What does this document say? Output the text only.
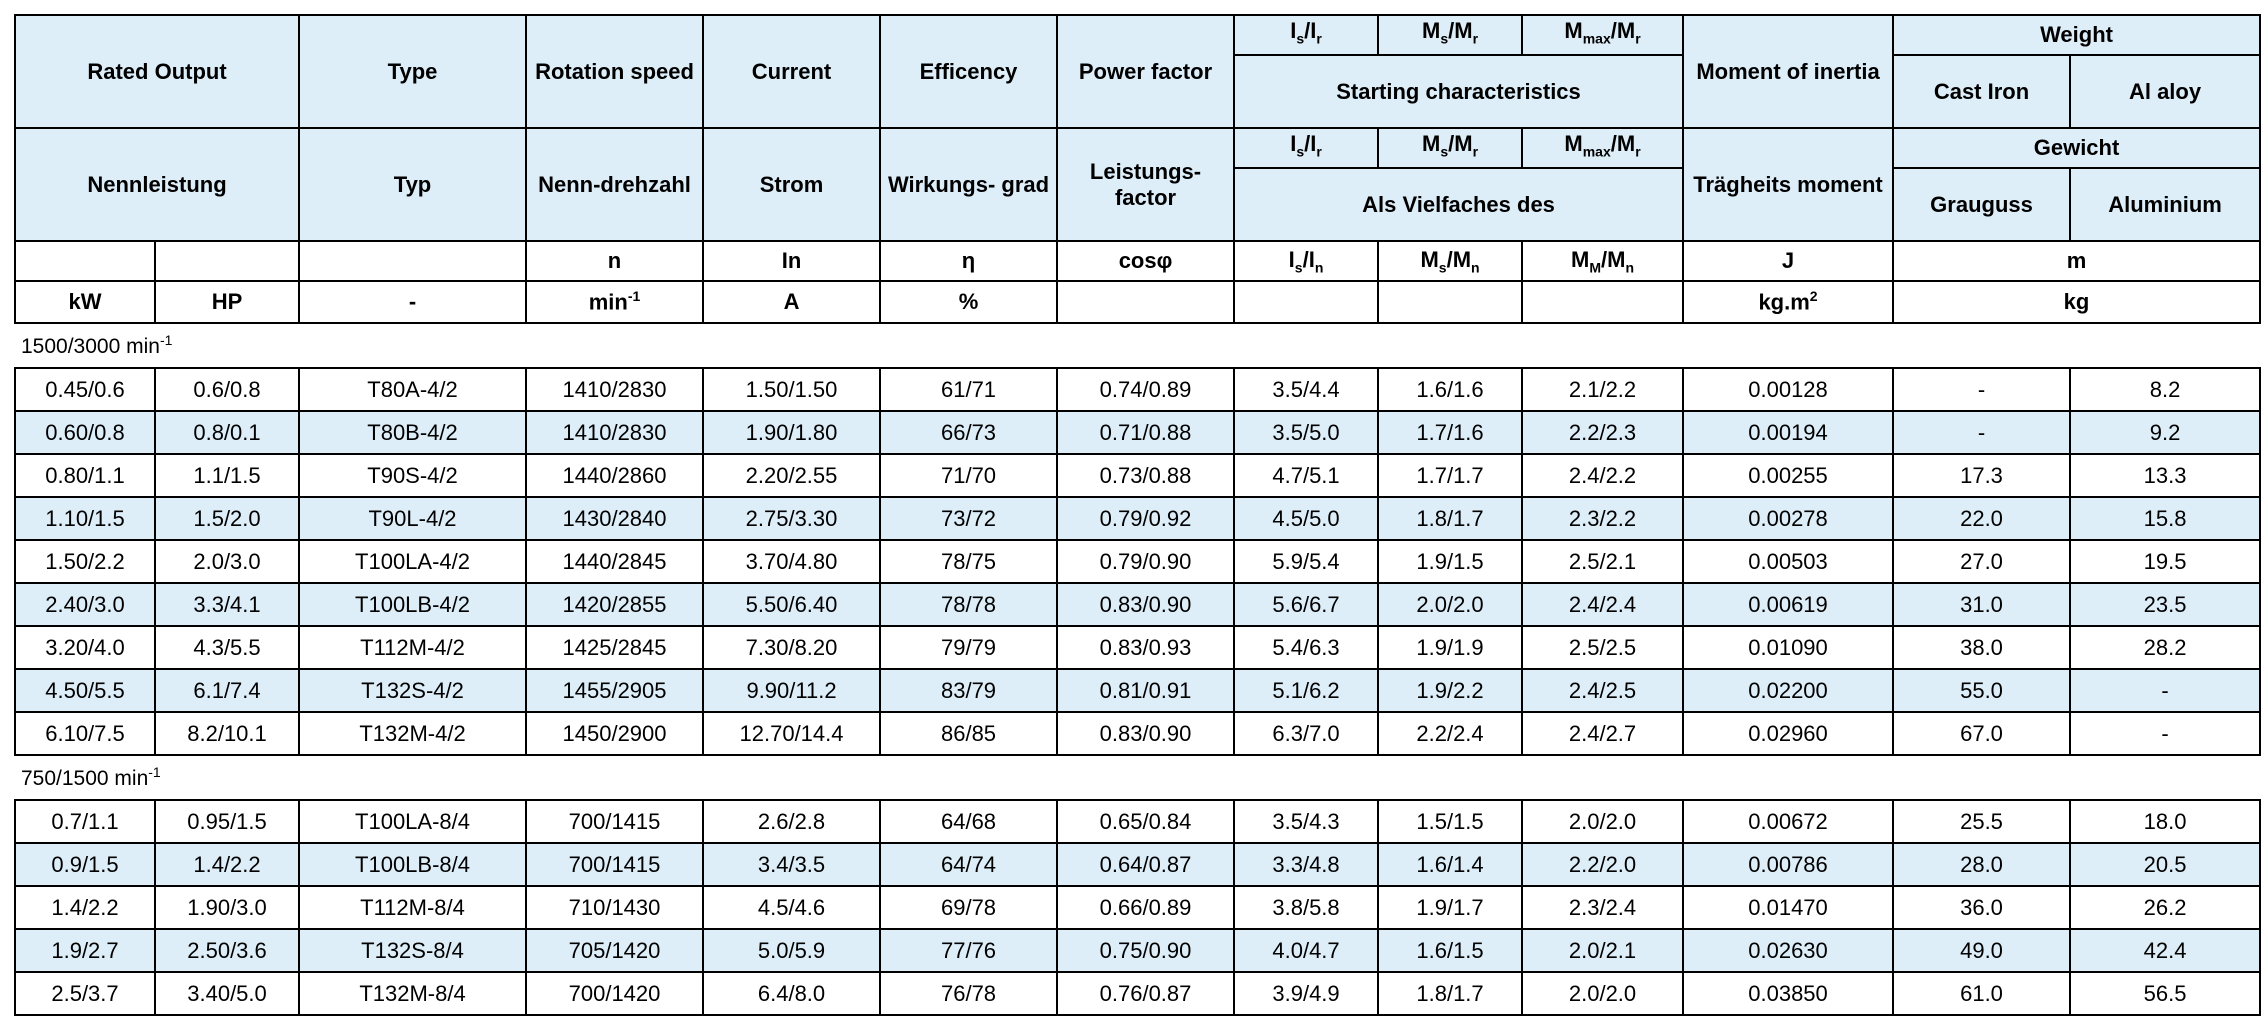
Rated Output		Type	Rotation speed	Current	Efficency	Power factor	$I_s/I_r$	$M_s/M_r$	$M_{max}/M_r$	Moment of inertia	Weight	
							Starting characteristics				Cast Iron	Al aloy
Nennleistung		Typ	Nenn-drehzahl	Strom	Wirkungs- grad	Leistungs- factor	$I_s/I_r$	$M_s/M_r$	$M_{max}/M_r$	Trägheits moment	Gewicht	
							Als Vielfaches des				Grauguss	Aluminium
			n	In	η	cosφ	$I_s/I_n$	$M_s/M_n$	$M_M/M_n$	J	m	
kW	HP	-	$\min^{-1}$	A	%					$kg.m^2$	kg	
1500/3000 $\min^{-1}$
0.45/0.6	0.6/0.8	T80A-4/2	1410/2830	1.50/1.50	61/71	0.74/0.89	3.5/4.4	1.6/1.6	2.1/2.2	0.00128	-	8.2
0.60/0.8	0.8/0.1	T80B-4/2	1410/2830	1.90/1.80	66/73	0.71/0.88	3.5/5.0	1.7/1.6	2.2/2.3	0.00194	-	9.2
0.80/1.1	1.1/1.5	T90S-4/2	1440/2860	2.20/2.55	71/70	0.73/0.88	4.7/5.1	1.7/1.7	2.4/2.2	0.00255	17.3	13.3
1.10/1.5	1.5/2.0	T90L-4/2	1430/2840	2.75/3.30	73/72	0.79/0.92	4.5/5.0	1.8/1.7	2.3/2.2	0.00278	22.0	15.8
1.50/2.2	2.0/3.0	T100LA-4/2	1440/2845	3.70/4.80	78/75	0.79/0.90	5.9/5.4	1.9/1.5	2.5/2.1	0.00503	27.0	19.5
2.40/3.0	3.3/4.1	T100LB-4/2	1420/2855	5.50/6.40	78/78	0.83/0.90	5.6/6.7	2.0/2.0	2.4/2.4	0.00619	31.0	23.5
3.20/4.0	4.3/5.5	T112M-4/2	1425/2845	7.30/8.20	79/79	0.83/0.93	5.4/6.3	1.9/1.9	2.5/2.5	0.01090	38.0	28.2
4.50/5.5	6.1/7.4	T132S-4/2	1455/2905	9.90/11.2	83/79	0.81/0.91	5.1/6.2	1.9/2.2	2.4/2.5	0.02200	55.0	-
6.10/7.5	8.2/10.1	T132M-4/2	1450/2900	12.70/14.4	86/85	0.83/0.90	6.3/7.0	2.2/2.4	2.4/2.7	0.02960	67.0	-
750/1500 $\min^{-1}$
0.7/1.1	0.95/1.5	T100LA-8/4	700/1415	2.6/2.8	64/68	0.65/0.84	3.5/4.3	1.5/1.5	2.0/2.0	0.00672	25.5	18.0
0.9/1.5	1.4/2.2	T100LB-8/4	700/1415	3.4/3.5	64/74	0.64/0.87	3.3/4.8	1.6/1.4	2.2/2.0	0.00786	28.0	20.5
1.4/2.2	1.90/3.0	T112M-8/4	710/1430	4.5/4.6	69/78	0.66/0.89	3.8/5.8	1.9/1.7	2.3/2.4	0.01470	36.0	26.2
1.9/2.7	2.50/3.6	T132S-8/4	705/1420	5.0/5.9	77/76	0.75/0.90	4.0/4.7	1.6/1.5	2.0/2.1	0.02630	49.0	42.4
2.5/3.7	3.40/5.0	T132M-8/4	700/1420	6.4/8.0	76/78	0.76/0.87	3.9/4.9	1.8/1.7	2.0/2.0	0.03850	61.0	56.5
